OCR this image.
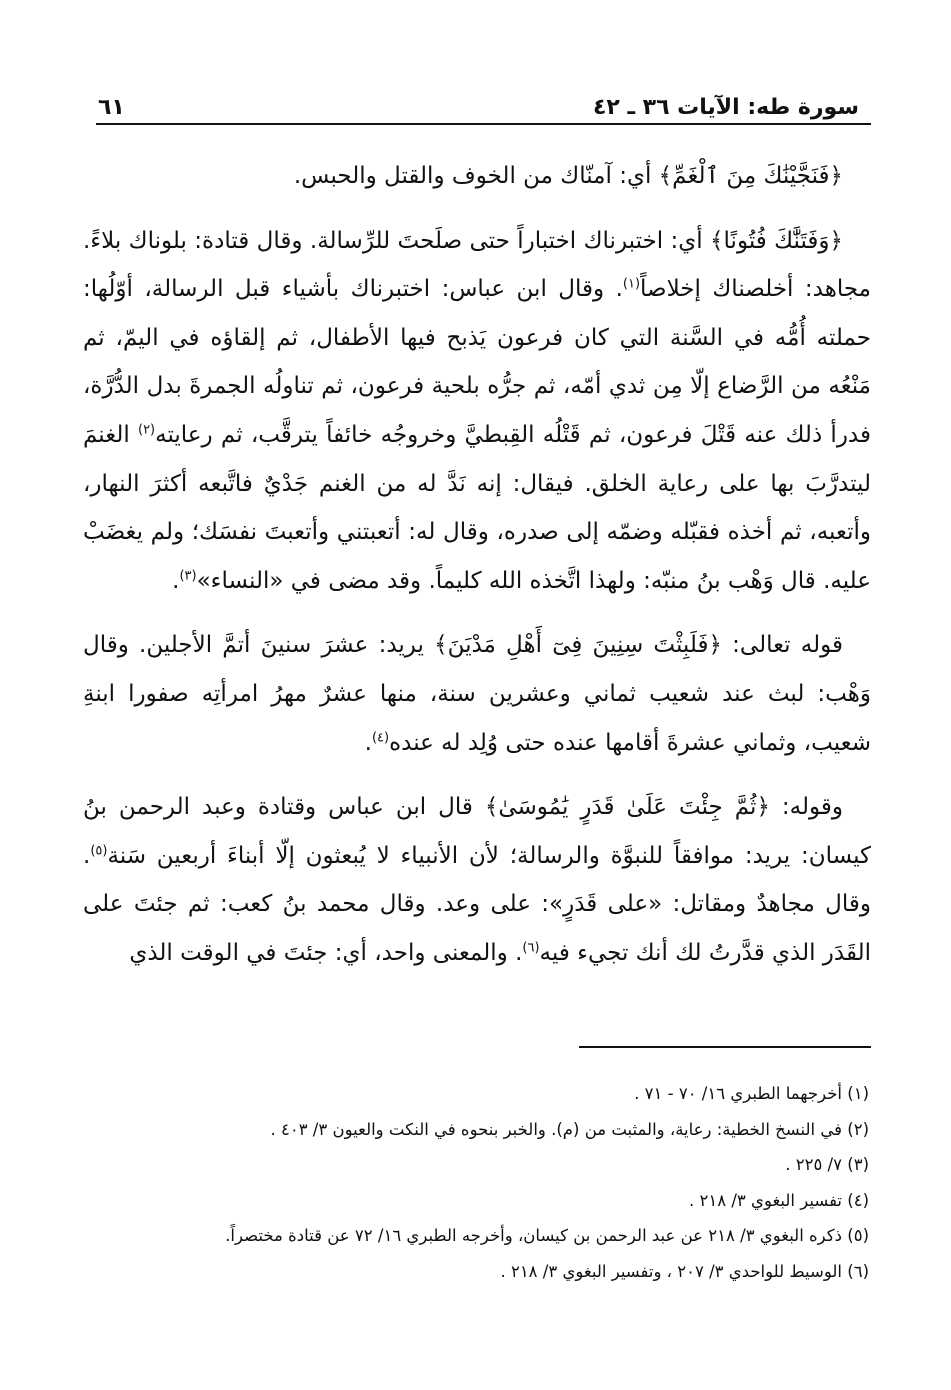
سورة طه: الآيات ٣٦ ـ ٤٢
٦١

﴿فَنَجَّيْنَٰكَ مِنَ ٱلْغَمِّ﴾ أي: آمنّاك من الخوف والقتل والحبس.

﴿وَفَتَنَّٰكَ فُتُونًا﴾ أي: اختبرناك اختباراً حتى صلَحتَ للرِّسالة. وقال قتادة: بلوناك بلاءً. مجاهد: أخلصناك إخلاصاً$^{(١)}$. وقال ابن عباس: اختبرناك بأشياء قبل الرسالة، أوّلُها: حملته أُمُّه في السَّنة التي كان فرعون يَذبح فيها الأطفال، ثم إلقاؤه في اليمّ، ثم مَنْعُه من الرَّضاع إلّا مِن ثدي أمّه، ثم جرُّه بلحية فرعون، ثم تناولُه الجمرةَ بدل الدُّرَّة، فدرأ ذلك عنه قَتْلَ فرعون، ثم قَتْلُه القِبطيَّ وخروجُه خائفاً يترقَّب، ثم رعايته$^{(٢)}$ الغنمَ ليتدرَّبَ بها على رعاية الخلق. فيقال: إنه نَدَّ له من الغنم جَدْيٌ فاتَّبعه أكثرَ النهار، وأتعبه، ثم أخذه فقبّله وضمّه إلى صدره، وقال له: أتعبتني وأتعبتَ نفسَك؛ ولم يغضَبْ عليه. قال وَهْب بنُ منبّه: ولهذا اتَّخذه الله كليماً. وقد مضى في «النساء»$^{(٣)}$.

قوله تعالى: ﴿فَلَبِثْتَ سِنِينَ فِىٓ أَهْلِ مَدْيَنَ﴾ يريد: عشرَ سنينَ أتمَّ الأجلين. وقال وَهْب: لبث عند شعيب ثماني وعشرين سنة، منها عشرٌ مهرُ امرأتِه صفورا ابنةِ شعيب، وثماني عشرةَ أقامها عنده حتى وُلِد له عنده$^{(٤)}$.

وقوله: ﴿ثُمَّ جِئْتَ عَلَىٰ قَدَرٍ يَٰمُوسَىٰ﴾ قال ابن عباس وقتادة وعبد الرحمن بنُ كيسان: يريد: موافقاً للنبوَّة والرسالة؛ لأن الأنبياء لا يُبعثون إلّا أبناءَ أربعين سَنة$^{(٥)}$. وقال مجاهدٌ ومقاتل: «على قَدَرٍ»: على وعد. وقال محمد بنُ كعب: ثم جئتَ على القَدَر الذي قدَّرتُ لك أنك تجيء فيه$^{(٦)}$. والمعنى واحد، أي: جئتَ في الوقت الذي

(١) أخرجهما الطبري ١٦/ ٧٠ - ٧١ .
(٢) في النسخ الخطية: رعاية، والمثبت من (م). والخبر بنحوه في النكت والعيون ٣/ ٤٠٣ .
(٣) ٧/ ٢٢٥ .
(٤) تفسير البغوي ٣/ ٢١٨ .
(٥) ذكره البغوي ٣/ ٢١٨ عن عبد الرحمن بن كيسان، وأخرجه الطبري ١٦/ ٧٢ عن قتادة مختصراً.
(٦) الوسيط للواحدي ٣/ ٢٠٧ ، وتفسير البغوي ٣/ ٢١٨ .
